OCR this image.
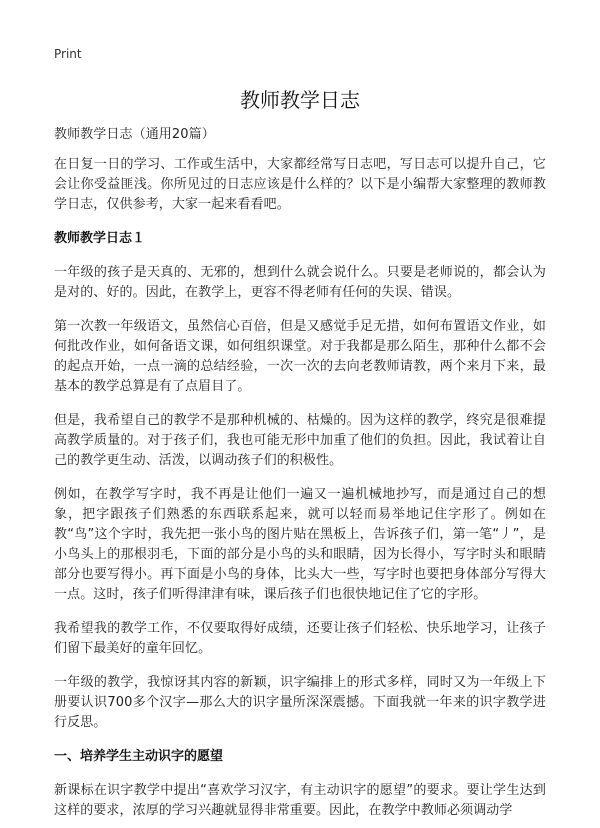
Print
教师教学日志

教师教学日志（通用20篇）

在日复一日的学习、工作或生活中，大家都经常写日志吧，写日志可以提升自己，它会让你受益匪浅。你所见过的日志应该是什么样的？以下是小编帮大家整理的教师教学日志，仅供参考，大家一起来看看吧。

教师教学日志１

一年级的孩子是天真的、无邪的，想到什么就会说什么。只要是老师说的，都会认为是对的、好的。因此，在教学上，更容不得老师有任何的失误、错误。

第一次教一年级语文，虽然信心百倍，但是又感觉手足无措，如何布置语文作业，如何批改作业，如何备语文课，如何组织课堂。对于我都是那么陌生，那种什么都不会的起点开始，一点一滴的总结经验，一次一次的去向老教师请教，两个来月下来，最基本的教学总算是有了点眉目了。

但是，我希望自己的教学不是那种机械的、枯燥的。因为这样的教学，终究是很难提高教学质量的。对于孩子们，我也可能无形中加重了他们的负担。因此，我试着让自己的教学更生动、活泼，以调动孩子们的积极性。

例如，在教学写字时，我不再是让他们一遍又一遍机械地抄写，而是通过自己的想象，把字跟孩子们熟悉的东西联系起来，就可以轻而易举地记住字形了。例如在教“鸟”这个字时，我先把一张小鸟的图片贴在黑板上，告诉孩子们，第一笔“丿”，是小鸟头上的那根羽毛，下面的部分是小鸟的头和眼睛，因为长得小，写字时头和眼睛部分也要写得小。再下面是小鸟的身体，比头大一些，写字时也要把身体部分写得大一点。这时，孩子们听得津津有味，课后孩子们也很快地记住了它的字形。

我希望我的教学工作，不仅要取得好成绩，还要让孩子们轻松、快乐地学习，让孩子们留下最美好的童年回忆。

一年级的教学，我惊讶其内容的新颖，识字编排上的形式多样，同时又为一年级上下册要认识700多个汉字—那么大的识字量所深深震撼。下面我就一年来的识字教学进行反思。

一、培养学生主动识字的愿望

新课标在识字教学中提出“喜欢学习汉字，有主动识字的愿望”的要求。要让学生达到这样的要求，浓厚的学习兴趣就显得非常重要。因此，在教学中教师必须调动学
